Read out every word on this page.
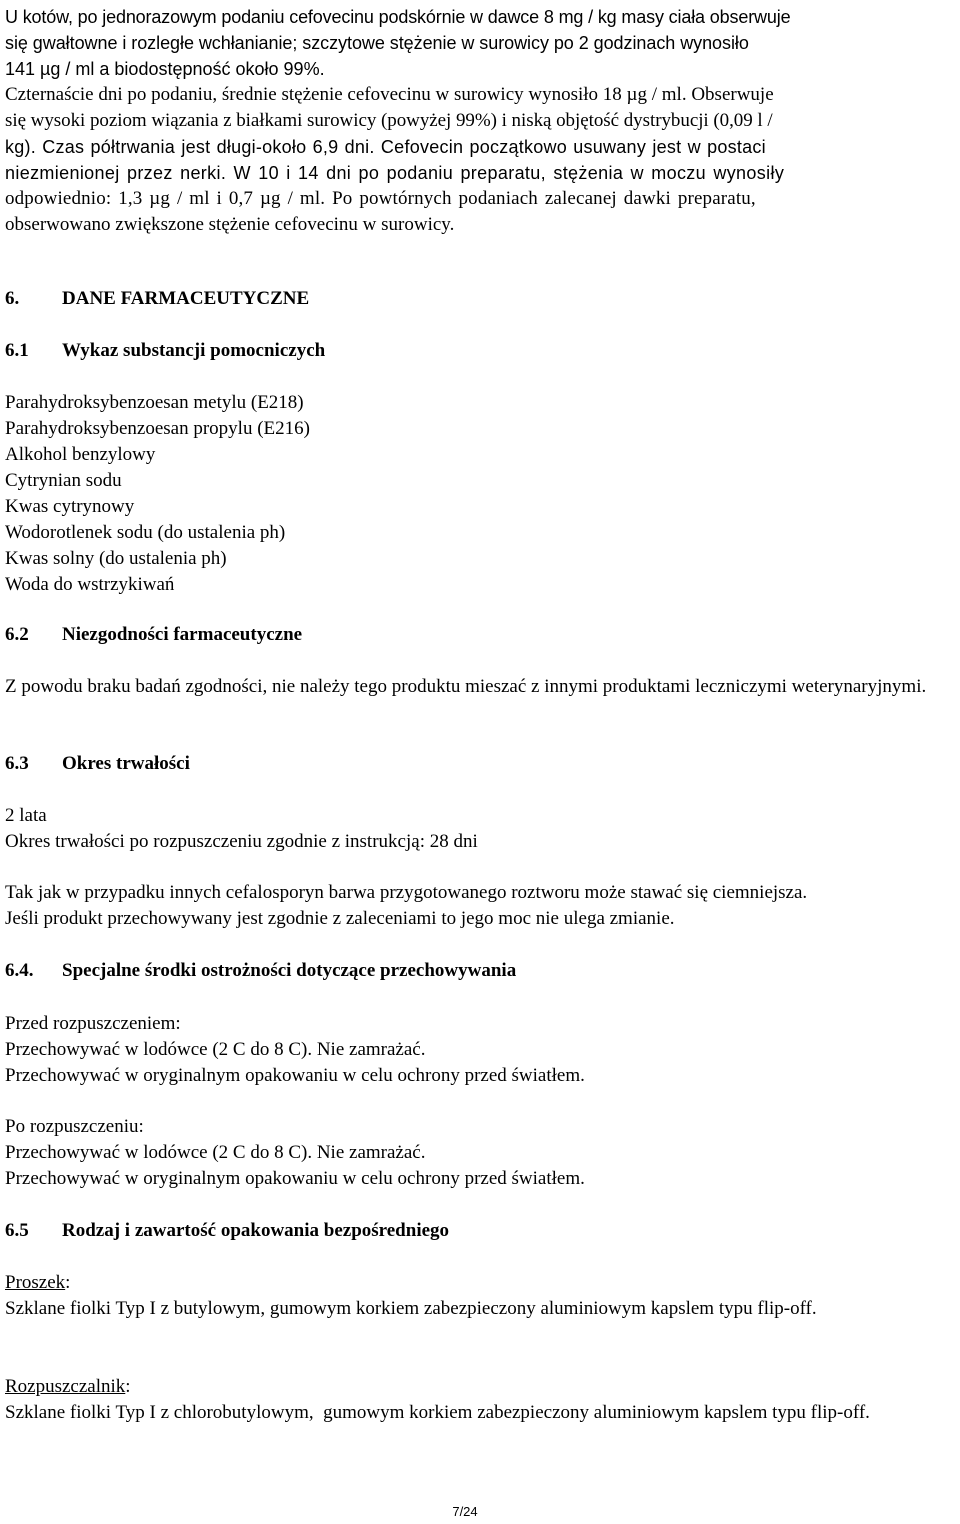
U kotów, po jednorazowym podaniu cefovecinu podskórnie w dawce 8 mg / kg masy ciała obserwuje
się gwałtowne i rozległe wchłanianie; szczytowe stężenie w surowicy po 2 godzinach wynosiło
141 µg / ml a biodostępność około 99%.
Czternaście dni po podaniu, średnie stężenie cefovecinu w surowicy wynosiło 18 µg / ml. Obserwuje
się wysoki poziom wiązania z białkami surowicy (powyżej 99%) i niską objętość dystrybucji (0,09 l /
kg). Czas półtrwania jest długi-około 6,9 dni. Cefovecin początkowo usuwany jest w postaci
niezmienionej przez nerki. W 10 i 14 dni po podaniu preparatu, stężenia w moczu wynosiły
odpowiednio: 1,3 µg / ml i 0,7 µg / ml. Po powtórnych podaniach zalecanej dawki preparatu,
obserwowano zwiększone stężenie cefovecinu w surowicy.
6. DANE FARMACEUTYCZNE
6.1 Wykaz substancji pomocniczych
Parahydroksybenzoesan metylu (E218)
Parahydroksybenzoesan propylu (E216)
Alkohol benzylowy
Cytrynian sodu
Kwas cytrynowy
Wodorotlenek sodu (do ustalenia ph)
Kwas solny (do ustalenia ph)
Woda do wstrzykiwań
6.2 Niezgodności farmaceutyczne

Z powodu braku badań zgodności, nie należy tego produktu mieszać z innymi produktami leczniczymi weterynaryjnymi.

6.3 Okres trwałości
2 lata
Okres trwałości po rozpuszczeniu zgodnie z instrukcją: 28 dni
Tak jak w przypadku innych cefalosporyn barwa przygotowanego roztworu może stawać się ciemniejsza.
Jeśli produkt przechowywany jest zgodnie z zaleceniami to jego moc nie ulega zmianie.
6.4. Specjalne środki ostrożności dotyczące przechowywania
Przed rozpuszczeniem:
Przechowywać w lodówce (2 C do 8 C). Nie zamrażać.
Przechowywać w oryginalnym opakowaniu w celu ochrony przed światłem.
Po rozpuszczeniu:
Przechowywać w lodówce (2 C do 8 C). Nie zamrażać.
Przechowywać w oryginalnym opakowaniu w celu ochrony przed światłem.
6.5 Rodzaj i zawartość opakowania bezpośredniego
Proszek:

Szklane fiolki Typ I z butylowym, gumowym korkiem zabezpieczony aluminiowym kapslem typu flip-off.

Rozpuszczalnik:

Szklane fiolki Typ I z chlorobutylowym,  gumowym korkiem zabezpieczony aluminiowym kapslem typu flip-off.

7/24
